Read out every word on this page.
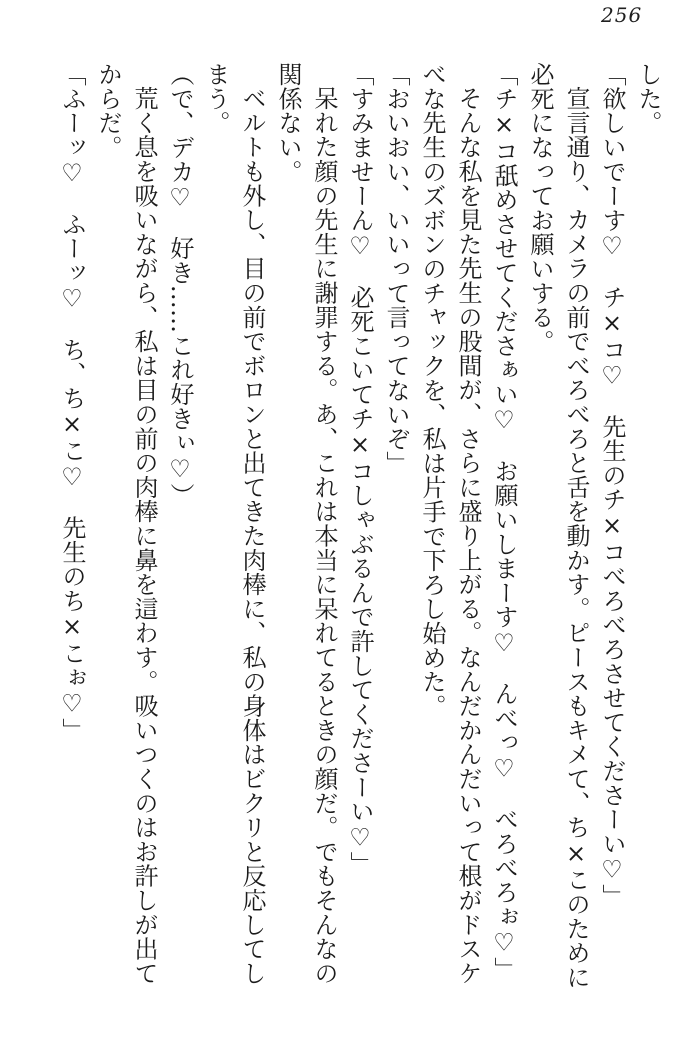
256

した。

「欲しいでーす♡　チ×コ♡　先生のチ×コべろべろさせてくださーい♡」

宣言通り、カメラの前でべろべろと舌を動かす。ピースもキメて、ち×このために

必死になってお願いする。

「チ×コ舐めさせてくださぁい♡　お願いしまーす♡　んべっ♡　べろべろぉ♡」

そんな私を見た先生の股間が、さらに盛り上がる。なんだかんだいって根がドスケ

べな先生のズボンのチャックを、私は片手で下ろし始めた。

「おいおい、いいって言ってないぞ」

「すみませーん♡　必死こいてチ×コしゃぶるんで許してくださーい♡」

呆れた顔の先生に謝罪する。あ、これは本当に呆れてるときの顔だ。でもそんなの

関係ない。

ベルトも外し、目の前でボロンと出てきた肉棒に、私の身体はビクリと反応してし

まう。

（で、デカ♡　好き……これ好きぃ♡）

荒く息を吸いながら、私は目の前の肉棒に鼻を這わす。吸いつくのはお許しが出て

からだ。

「ふーッ♡　ふーッ♡　ち、ち×こ♡　先生のち×こぉ♡」
